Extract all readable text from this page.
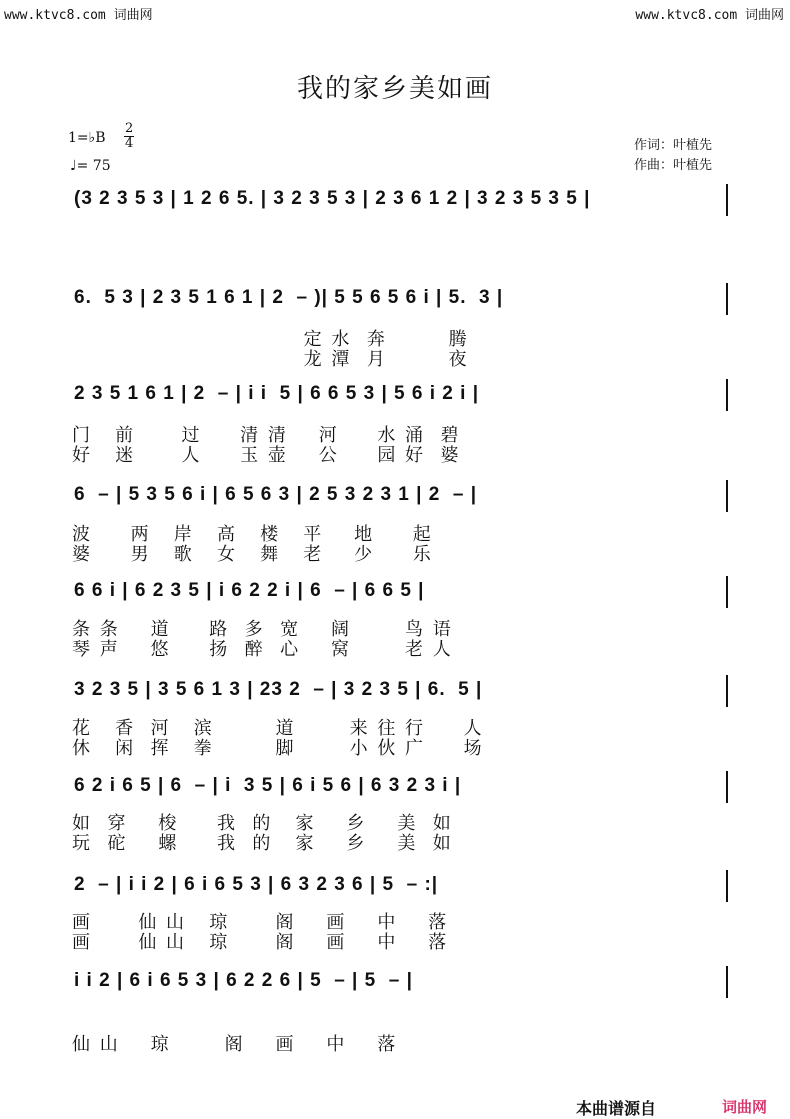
www.ktvc8.com 词曲网	www.ktvc8.com 词曲网
我的家乡美如画
1=♭B
2
4
♩= 75
作词：叶植先
作曲：叶植先
(3 2 3 5 3 | 1 2 6 5. | 3 2 3 5 3 | 2 3 6 1 2 | 3 2 3 5 3 5 |
6.  5 3 | 2 3 5 1 6 1 | 2  – )| 5 5 6 5 6 i | 5.  3 |
定 水  奔        腾
龙 潭  月        夜
2 3 5 1 6 1 | 2  – | i i  5 | 6 6 5 3 | 5 6 i 2 i |
门   前      过     清 清    河     水 涌  碧
好   迷      人     玉 壶    公     园 好  婆
6  – | 5 3 5 6 i | 6 5 6 3 | 2 5 3 2 3 1 | 2  – |
波     两   岸   高   楼   平    地     起
婆     男   歌   女   舞   老    少     乐
6 6 i | 6 2 3 5 | i 6 2 2 i | 6  – | 6 6 5 |
条 条    道     路  多  宽    阔       鸟 语
琴 声    悠     扬  醉  心    窝       老 人
3 2 3 5 | 3 5 6 1 3 | 23 2  – | 3 2 3 5 | 6.  5 |
花   香  河   滨        道       来 往 行     人
休   闲  挥   拳        脚       小 伙 广     场
6 2 i 6 5 | 6  – | i  3 5 | 6 i 5 6 | 6 3 2 3 i |
如  穿    梭     我  的   家    乡    美  如
玩  砣    螺     我  的   家    乡    美  如
2  – | i i 2 | 6 i 6 5 3 | 6 3 2 3 6 | 5  – :|
画      仙 山   琼      阁    画    中    落
画      仙 山   琼      阁    画    中    落
i i 2 | 6 i 6 5 3 | 6 2 2 6 | 5  – | 5  – |
仙 山    琼       阁    画    中    落
本曲谱源自	词曲网
